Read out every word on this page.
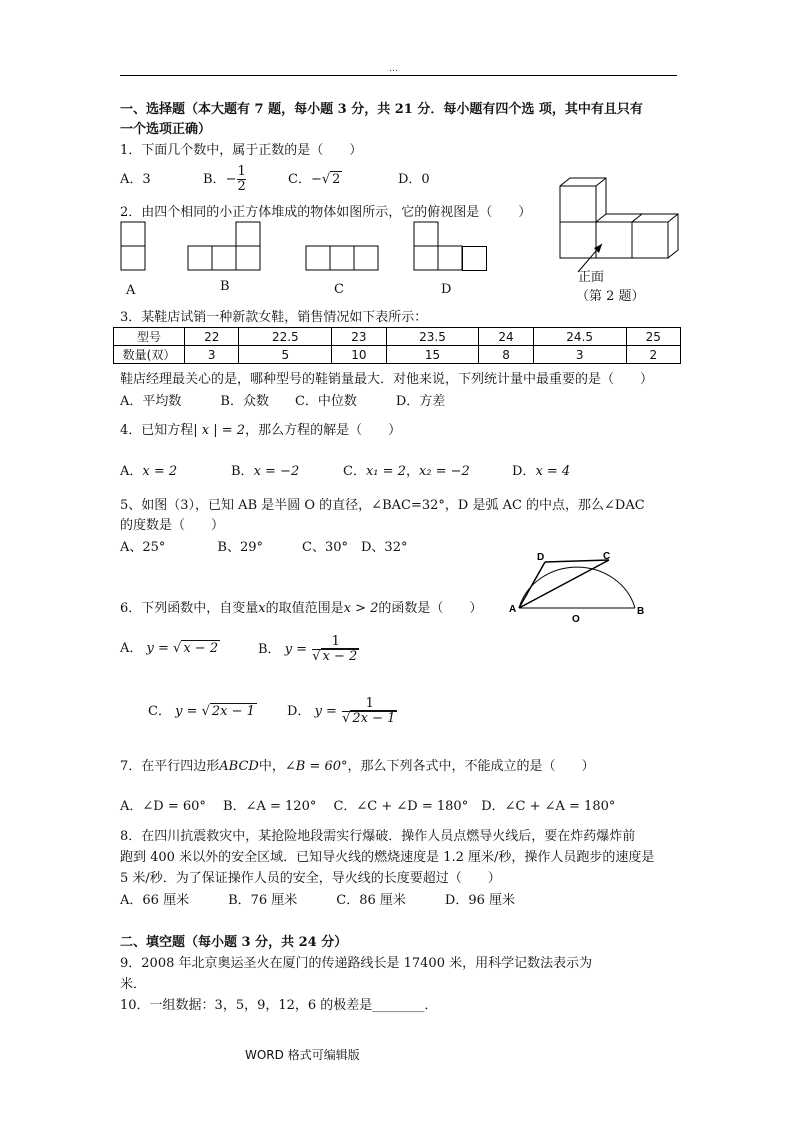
…
一、选择题（本大题有 7 题，每小题 3 分，共 21 分．每小题有四个选 项，其中有且只有
一个选项正确）
1．下面几个数中，属于正数的是（　　）
A．3	B．− $\frac{1}{2}$	C．−√ 2	D．0
2．由四个相同的小正方体堆成的物体如图所示，它的俯视图是（　　）
A	B	C	D
正面
（第 2 题）
3．某鞋店试销一种新款女鞋，销售情况如下表所示：
型号	22	22.5	23	23.5	24	24.5	25
数量(双）	3	5	10	15	8	3	2
鞋店经理最关心的是，哪种型号的鞋销量最大．对他来说，下列统计量中最重要的是（　　）
A．平均数　　　B．众数　　C．中位数　　　D．方差
4．已知方程| x | = 2，那么方程的解是（　　）
A．x = 2	B．x = −2	C．x₁ = 2，x₂ = −2	D．x = 4
5、如图（3），已知 AB 是半圆 O 的直径，∠BAC=32°，D 是弧 AC 的中点，那么∠DAC
的度数是（　　）
A、25°　　　　B、29°　　　C、30°　D、32°
A	B
C
D
O
6．下列函数中，自变量x的取值范围是x > 2的函数是（　　）
A． y = √ x − 2	B． $y = \frac{1}{√ x - 2}$
C． y = √ 2x − 1 D． $y = \frac{1}{√ 2x - 1}$
7．在平行四边形ABCD中，∠B = 60°，那么下列各式中，不能成立的是（　　）
A．∠D = 60°　 B．∠A = 120°　 C．∠C + ∠D = 180°　D．∠C + ∠A = 180°
8．在四川抗震救灾中，某抢险地段需实行爆破．操作人员点燃导火线后，要在炸药爆炸前
跑到 400 米以外的安全区域．已知导火线的燃烧速度是 1.2 厘米/秒，操作人员跑步的速度是
5 米/秒．为了保证操作人员的安全，导火线的长度要超过（　　）
A．66 厘米　　　B．76 厘米　　　C．86 厘米　　　D．96 厘米
二、填空题（每小题 3 分，共 24 分）
9．2008 年北京奥运圣火在厦门的传递路线长是 17400 米，用科学记数法表示为
米．
10．一组数据：3，5，9，12，6 的极差是________．
WORD 格式可编辑版
